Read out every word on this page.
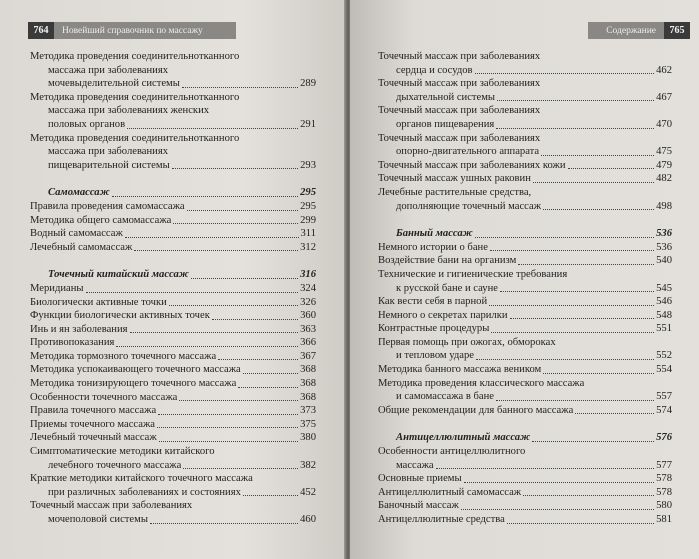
764	Новейший справочник по массажу
Методика проведения соединительнотканного
массажа при заболеваниях
мочевыделительной системы	289
Методика проведения соединительнотканного
массажа при заболеваниях женских
половых органов	291
Методика проведения соединительнотканного
массажа при заболеваниях
пищеварительной системы	293
Самомассаж	295
Правила проведения самомассажа	295
Методика общего самомассажа	299
Водный самомассаж	311
Лечебный самомассаж	312
Точечный китайский массаж	316
Меридианы	324
Биологически активные точки	326
Функции биологически активных точек	360
Инь и ян заболевания	363
Противопоказания	366
Методика тормозного точечного массажа	367
Методика успокаивающего точечного массажа	368
Методика тонизирующего точечного массажа	368
Особенности точечного массажа	368
Правила точечного массажа	373
Приемы точечного массажа	375
Лечебный точечный массаж	380
Симптоматические методики китайского
лечебного точечного массажа	382
Краткие методики китайского точечного массажа
при различных заболеваниях и состояниях	452
Точечный массаж при заболеваниях
мочеполовой системы	460
Содержание	765
Точечный массаж при заболеваниях
сердца и сосудов	462
Точечный массаж при заболеваниях
дыхательной системы	467
Точечный массаж при заболеваниях
органов пищеварения	470
Точечный массаж при заболеваниях
опорно-двигательного аппарата	475
Точечный массаж при заболеваниях кожи	479
Точечный массаж ушных раковин	482
Лечебные растительные средства,
дополняющие точечный массаж	498
Банный массаж	536
Немного истории о бане	536
Воздействие бани на организм	540
Технические и гигиенические требования
к русской бане и сауне	545
Как вести себя в парной	546
Немного о секретах парилки	548
Контрастные процедуры	551
Первая помощь при ожогах, обмороках
и тепловом ударе	552
Методика банного массажа веником	554
Методика проведения классического массажа
и самомассажа в бане	557
Общие рекомендации для банного массажа	574
Антицеллюлитный массаж	576
Особенности антицеллюлитного
массажа	577
Основные приемы	578
Антицеллюлитный самомассаж	578
Баночный массаж	580
Антицеллюлитные средства	581
